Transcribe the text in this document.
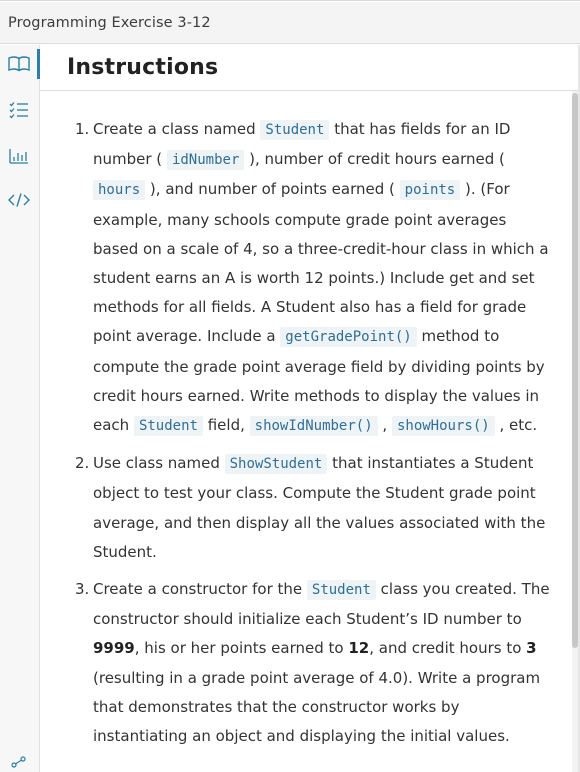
Programming Exercise 3-12
Instructions
1. Create a class named Student that has fields for an ID number ( idNumber ), number of credit hours earned ( hours ), and number of points earned ( points ). (For example, many schools compute grade point averages based on a scale of 4, so a three-credit-hour class in which a student earns an A is worth 12 points.) Include get and set methods for all fields. A Student also has a field for grade point average. Include a getGradePoint() method to compute the grade point average field by dividing points by credit hours earned. Write methods to display the values in each Student field, showIdNumber() , showHours() , etc.
2. Use class named ShowStudent that instantiates a Student object to test your class. Compute the Student grade point average, and then display all the values associated with the Student.
3. Create a constructor for the Student class you created. The constructor should initialize each Student’s ID number to 9999, his or her points earned to 12, and credit hours to 3 (resulting in a grade point average of 4.0). Write a program that demonstrates that the constructor works by instantiating an object and displaying the initial values.
